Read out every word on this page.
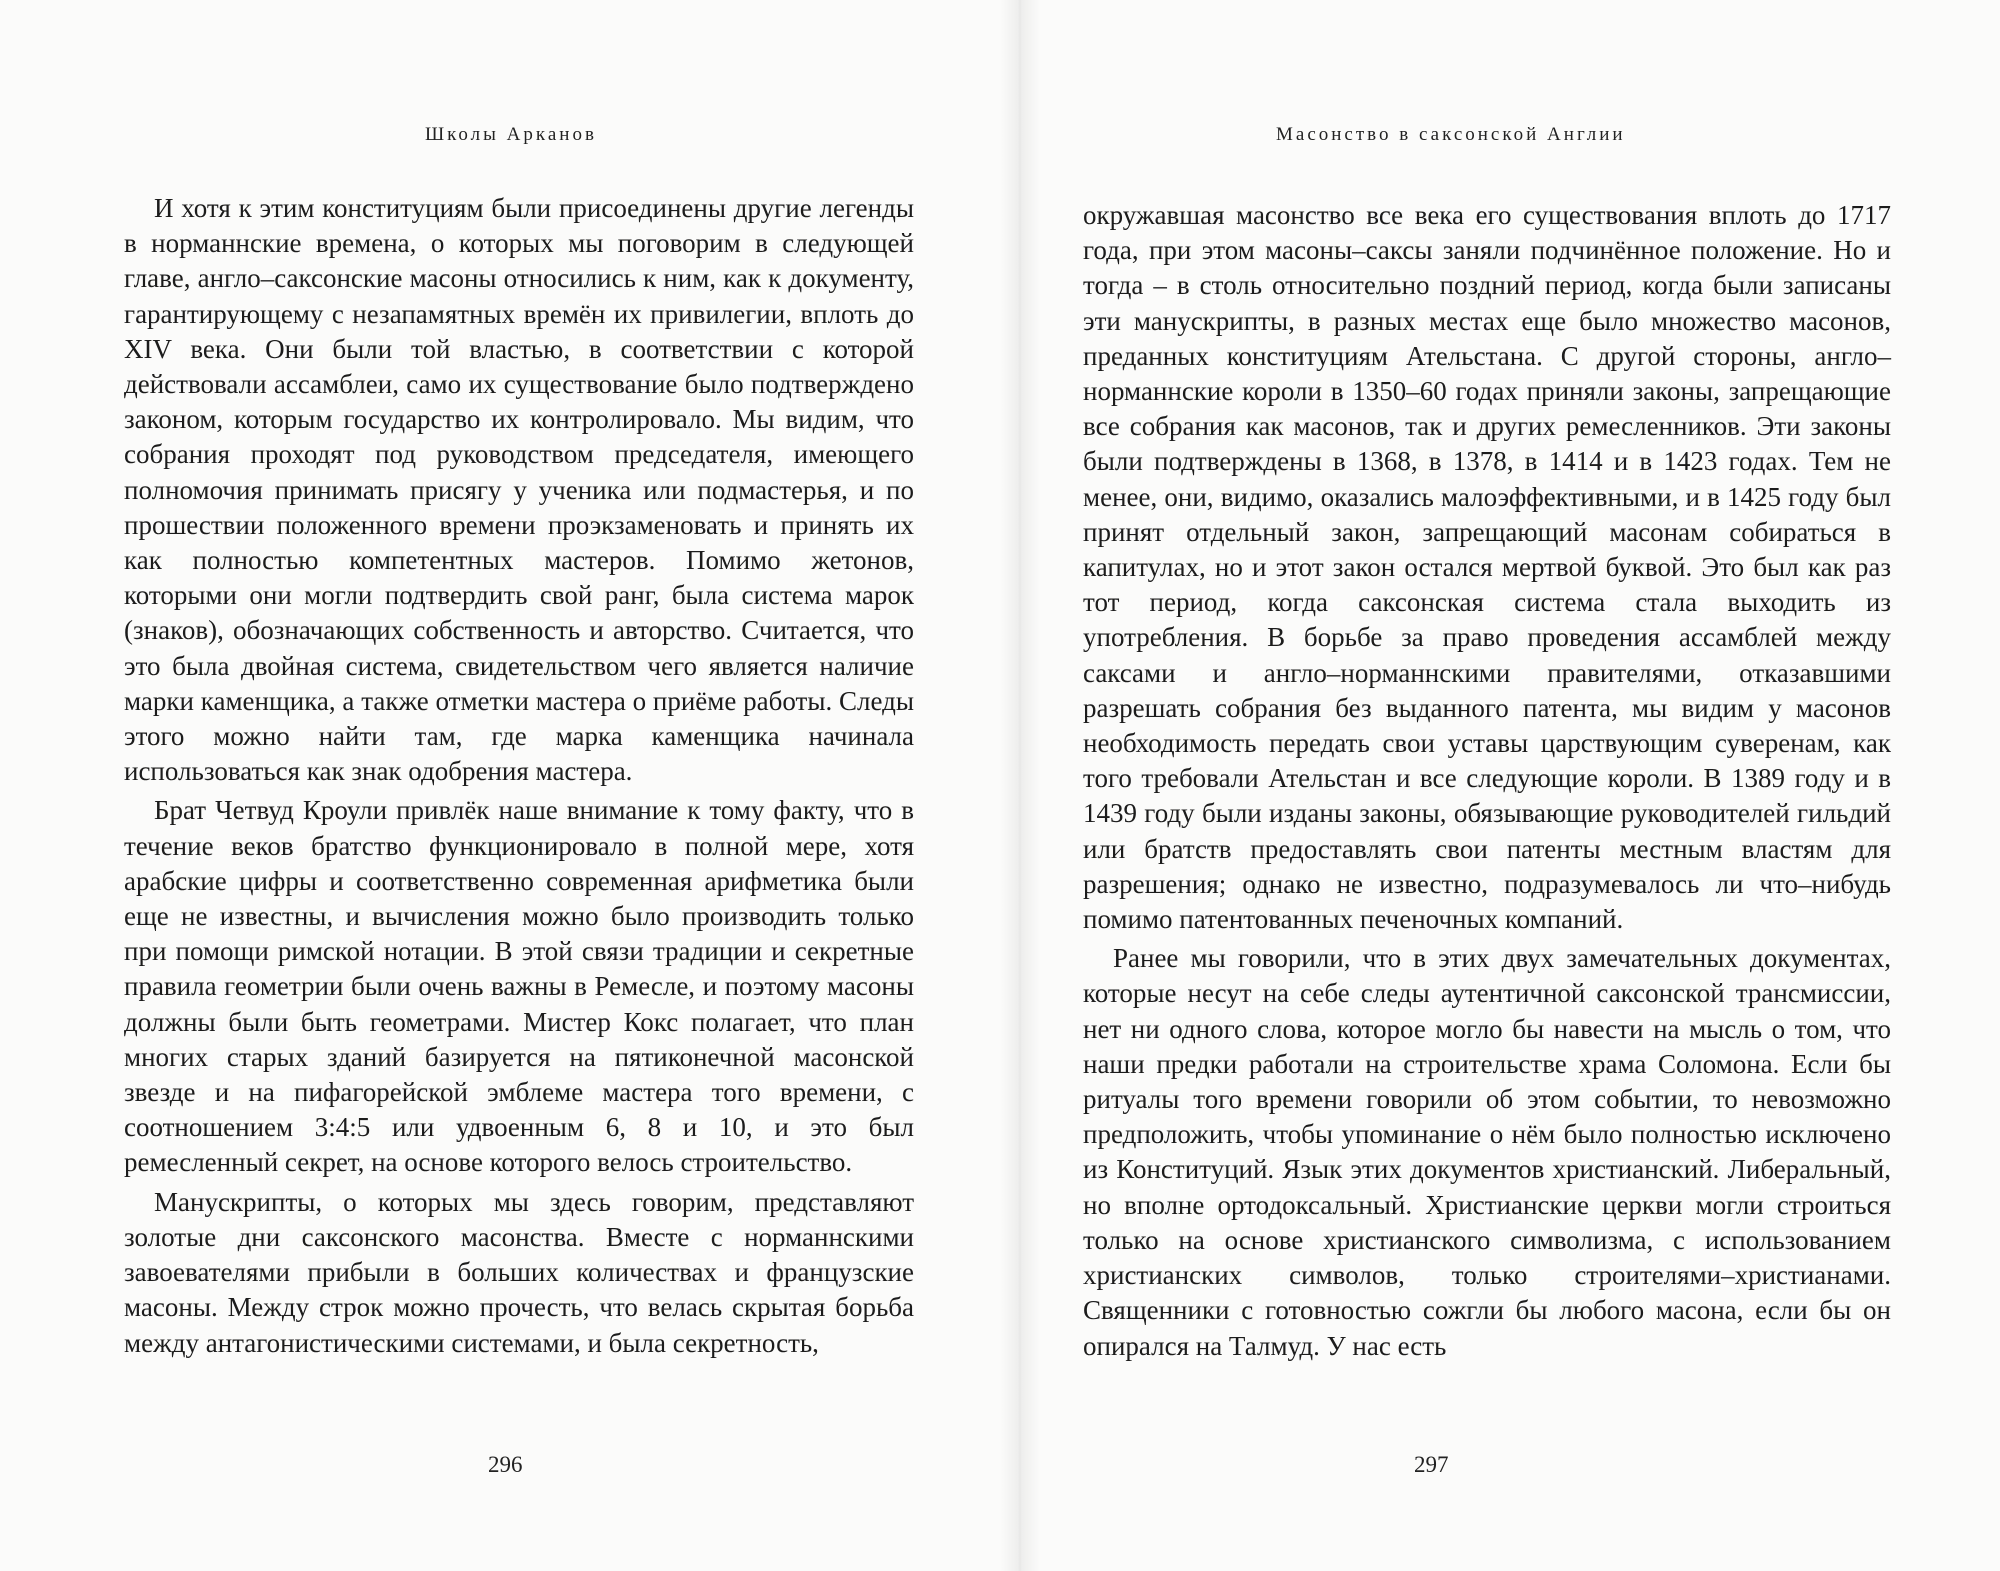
Школы Арканов

И хотя к этим конституциям были присоединены другие легенды в норманнские времена, о которых мы поговорим в следующей главе, англо–саксонские масоны относились к ним, как к документу, гарантирующему с незапамятных времён их привилегии, вплоть до XIV века. Они были той властью, в соответствии с которой действовали ассамблеи, само их существование было подтверждено законом, которым государство их контролировало. Мы видим, что собрания проходят под руководством председателя, имеющего полномочия принимать присягу у ученика или подмастерья, и по прошествии положенного времени проэкзаменовать и принять их как полностью компетентных мастеров. Помимо жетонов, которыми они могли подтвердить свой ранг, была система марок (знаков), обозначающих собственность и авторство. Считается, что это была двойная система, свидетельством чего является наличие марки каменщика, а также отметки мастера о приёме работы. Следы этого можно найти там, где марка каменщика начинала использоваться как знак одобрения мастера.

Брат Четвуд Кроули привлёк наше внимание к тому факту, что в течение веков братство функционировало в полной мере, хотя арабские цифры и соответственно современная арифметика были еще не известны, и вычисления можно было производить только при помощи римской нотации. В этой связи традиции и секретные правила геометрии были очень важны в Ремесле, и поэтому масоны должны были быть геометрами. Мистер Кокс полагает, что план многих старых зданий базируется на пятиконечной масонской звезде и на пифагорейской эмблеме мастера того времени, с соотношением 3:4:5 или удвоенным 6, 8 и 10, и это был ремесленный секрет, на основе которого велось строительство.

Манускрипты, о которых мы здесь говорим, представляют золотые дни саксонского масонства. Вместе с норманнскими завоевателями прибыли в больших количествах и французские масоны. Между строк можно прочесть, что велась скрытая борьба между антагонистическими системами, и была секретность,

296
Масонство в саксонской Англии

окружавшая масонство все века его существования вплоть до 1717 года, при этом масоны–саксы заняли подчинённое положение. Но и тогда – в столь относительно поздний период, когда были записаны эти манускрипты, в разных местах еще было множество масонов, преданных конституциям Ательстана. С другой стороны, англо–норманнские короли в 1350–60 годах приняли законы, запрещающие все собрания как масонов, так и других ремесленников. Эти законы были подтверждены в 1368, в 1378, в 1414 и в 1423 годах. Тем не менее, они, видимо, оказались малоэффективными, и в 1425 году был принят отдельный закон, запрещающий масонам собираться в капитулах, но и этот закон остался мертвой буквой. Это был как раз тот период, когда саксонская система стала выходить из употребления. В борьбе за право проведения ассамблей между саксами и англо–норманнскими правителями, отказавшими разрешать собрания без выданного патента, мы видим у масонов необходимость передать свои уставы царствующим суверенам, как того требовали Ательстан и все следующие короли. В 1389 году и в 1439 году были изданы законы, обязывающие руководителей гильдий или братств предоставлять свои патенты местным властям для разрешения; однако не известно, подразумевалось ли что–нибудь помимо патентованных печеночных компаний.

Ранее мы говорили, что в этих двух замечательных документах, которые несут на себе следы аутентичной саксонской трансмиссии, нет ни одного слова, которое могло бы навести на мысль о том, что наши предки работали на строительстве храма Соломона. Если бы ритуалы того времени говорили об этом событии, то невозможно предположить, чтобы упоминание о нём было полностью исключено из Конституций. Язык этих документов христианский. Либеральный, но вполне ортодоксальный. Христианские церкви могли строиться только на основе христианского символизма, с использованием христианских символов, только строителями–христианами. Священники с готовностью сожгли бы любого масона, если бы он опирался на Талмуд. У нас есть

297
